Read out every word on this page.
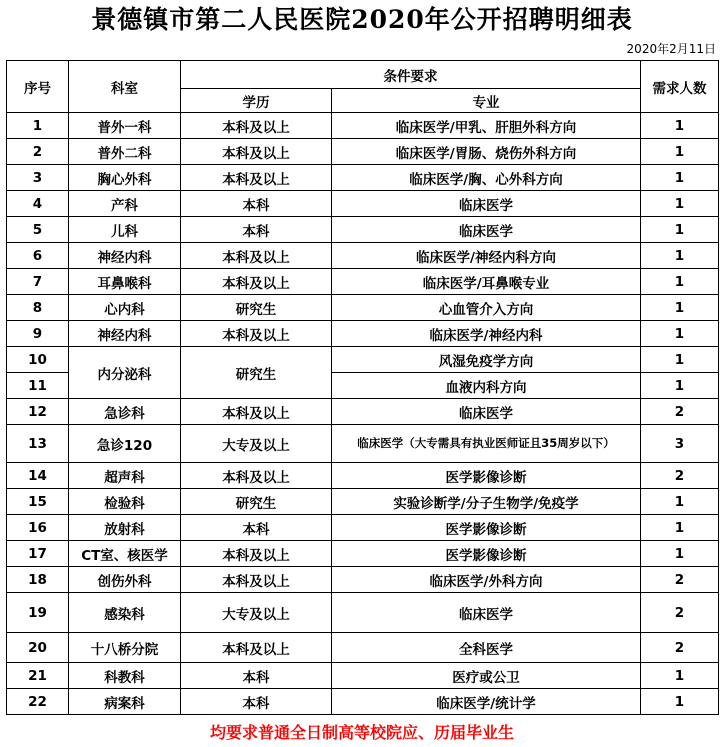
景德镇市第二人民医院2020年公开招聘明细表
2020年2月11日
序号	科室	条件要求		需求人数
		学历	专业	
1	普外一科	本科及以上	临床医学/甲乳、肝胆外科方向	1
2	普外二科	本科及以上	临床医学/胃肠、烧伤外科方向	1
3	胸心外科	本科及以上	临床医学/胸、心外科方向	1
4	产科	本科	临床医学	1
5	儿科	本科	临床医学	1
6	神经内科	本科及以上	临床医学/神经内科方向	1
7	耳鼻喉科	本科及以上	临床医学/耳鼻喉专业	1
8	心内科	研究生	心血管介入方向	1
9	神经内科	本科及以上	临床医学/神经内科	1
10	内分泌科	研究生	风湿免疫学方向	1
11			血液内科方向	1
12	急诊科	本科及以上	临床医学	2
13	急诊120	大专及以上	临床医学（大专需具有执业医师证且35周岁以下）	3
14	超声科	本科及以上	医学影像诊断	2
15	检验科	研究生	实验诊断学/分子生物学/免疫学	1
16	放射科	本科	医学影像诊断	1
17	CT室、核医学	本科及以上	医学影像诊断	1
18	创伤外科	本科及以上	临床医学/外科方向	2
19	感染科	大专及以上	临床医学	2
20	十八桥分院	本科及以上	全科医学	2
21	科教科	本科	医疗或公卫	1
22	病案科	本科	临床医学/统计学	1
均要求普通全日制高等校院应、历届毕业生
